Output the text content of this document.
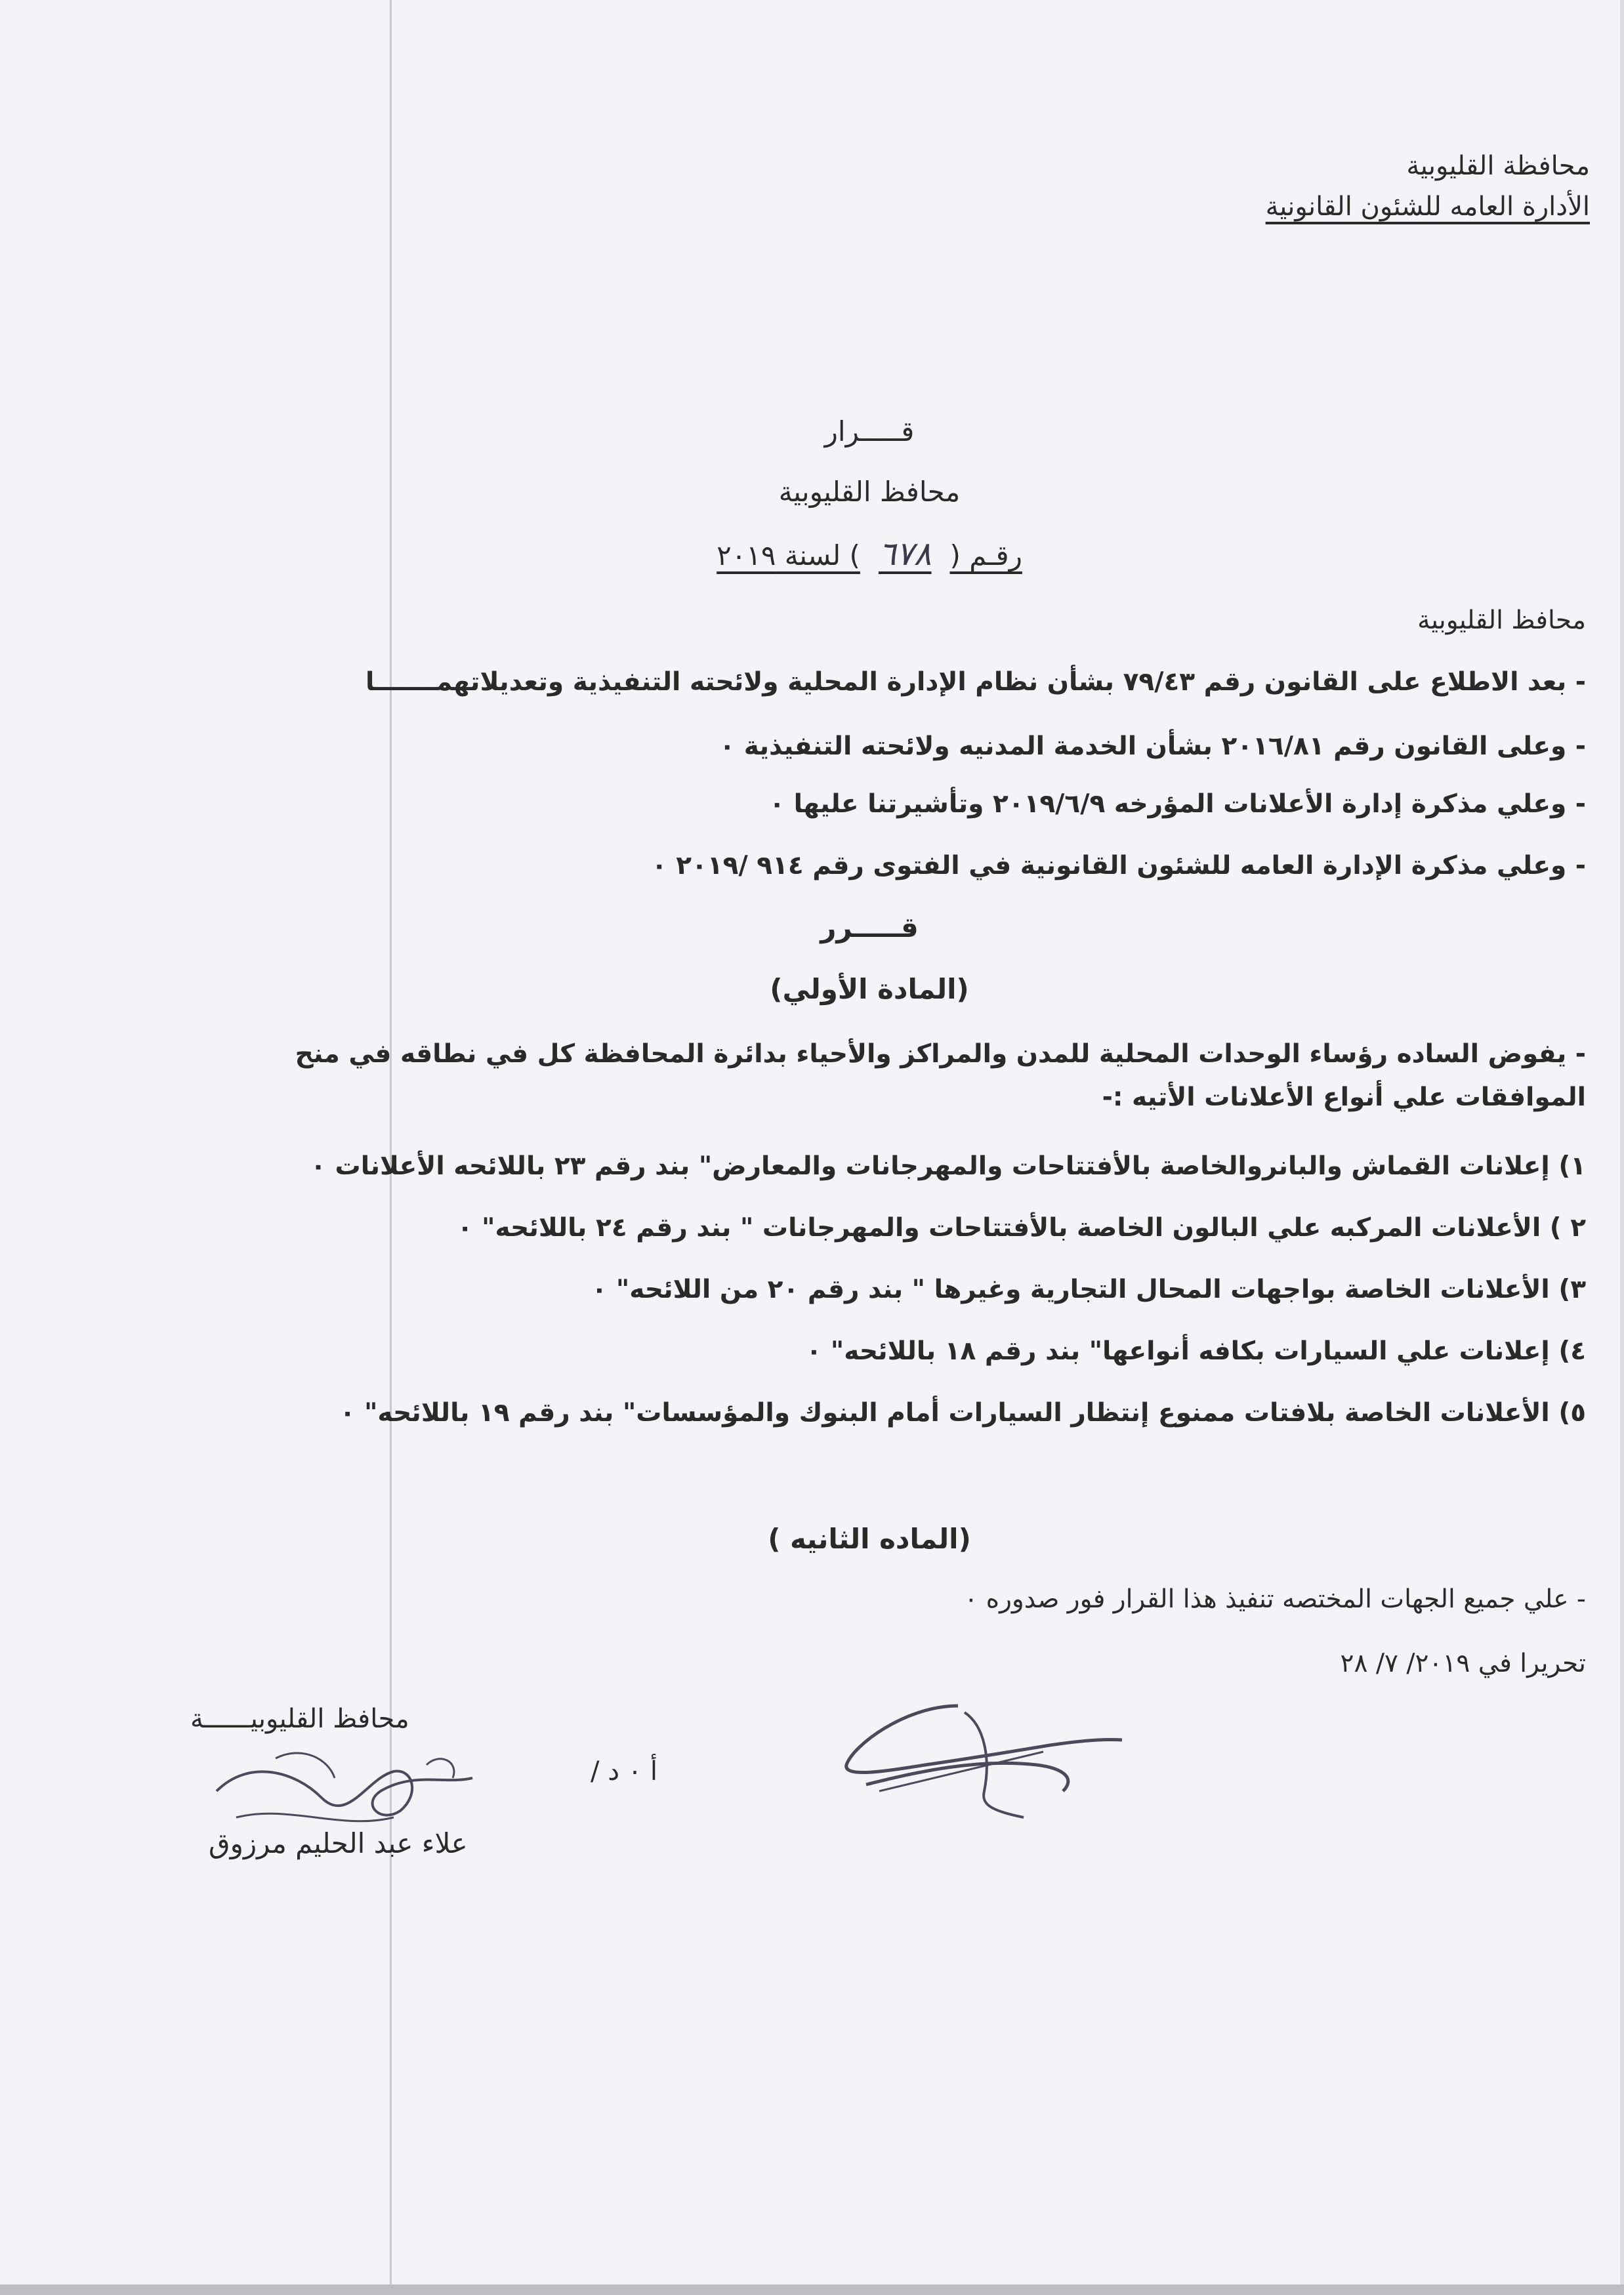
محافظة القليوبية
الأدارة العامه للشئون القانونية
قـــــرار
محافظ القليوبية
رقـم (٦٧٨) لسنة ٢٠١٩
محافظ القليوبية
- بعد الاطلاع على القانون رقم ٧٩/٤٣ بشأن نظام الإدارة المحلية ولائحته التنفيذية وتعديلاتهمـــــــا
- وعلى القانون رقم ٢٠١٦/٨١ بشأن الخدمة المدنيه ولائحته التنفيذية ٠
- وعلي مذكرة إدارة الأعلانات المؤرخه ٢٠١٩/٦/٩ وتأشيرتنا عليها ٠
- وعلي مذكرة الإدارة العامه للشئون القانونية في الفتوى رقم ٩١٤ /٢٠١٩ ٠
قـــــرر
(المادة الأولي)
- يفوض الساده رؤساء الوحدات المحلية للمدن والمراكز والأحياء بدائرة المحافظة كل في نطاقه في منح الموافقات علي أنواع الأعلانات الأتيه :-
١) إعلانات القماش والبانروالخاصة بالأفتتاحات والمهرجانات والمعارض" بند رقم ٢٣ باللائحه الأعلانات ٠
٢ ) الأعلانات المركبه علي البالون الخاصة بالأفتتاحات والمهرجانات " بند رقم ٢٤ باللائحه" ٠
٣) الأعلانات الخاصة بواجهات المحال التجارية وغيرها " بند رقم ٢٠ من اللائحه" ٠
٤) إعلانات علي السيارات بكافه أنواعها" بند رقم ١٨ باللائحه" ٠
٥) الأعلانات الخاصة بلافتات ممنوع إنتظار السيارات أمام البنوك والمؤسسات" بند رقم ١٩ باللائحه" ٠
(الماده الثانيه )
- علي جميع الجهات المختصه تنفيذ هذا القرار فور صدوره ٠
تحريرا في ٢٠١٩/ ٧/ ٢٨
محافظ القليوبيــــــة
أ ٠ د /
علاء عبد الحليم مرزوق
